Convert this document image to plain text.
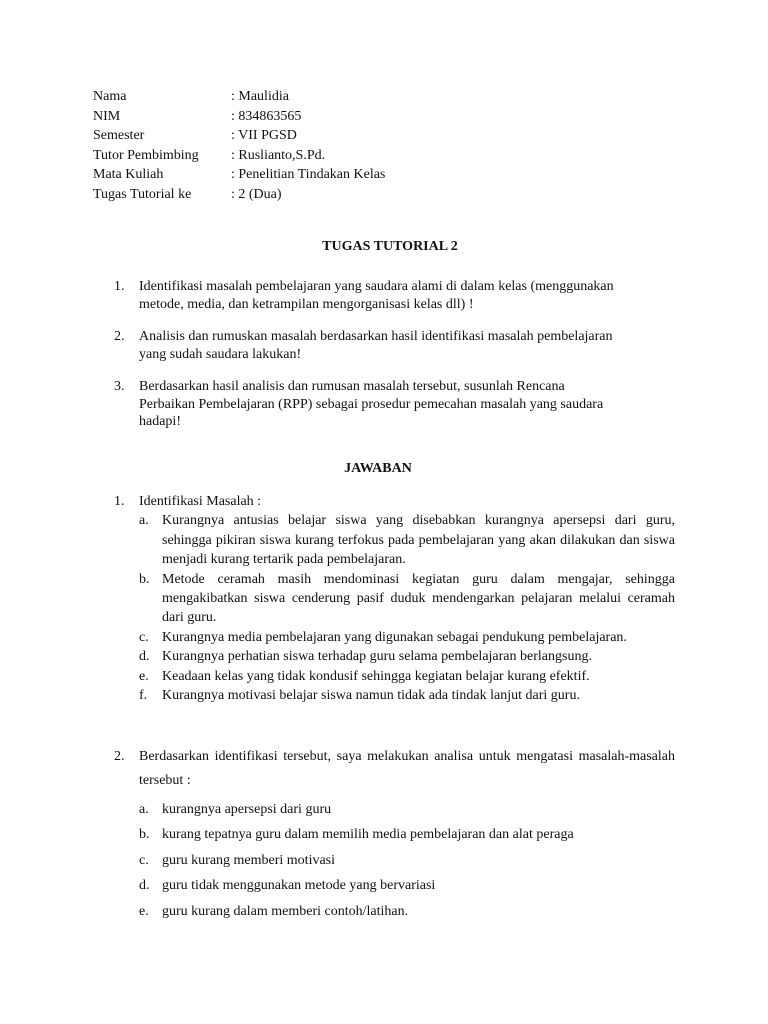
Nama	: Maulidia
NIM	: 834863565
Semester	: VII PGSD
Tutor Pembimbing	: Ruslianto,S.Pd.
Mata Kuliah	: Penelitian Tindakan Kelas
Tugas Tutorial ke	: 2 (Dua)
TUGAS TUTORIAL 2
1.	Identifikasi masalah pembelajaran yang saudara alami di dalam kelas (menggunakan
metode, media, dan ketrampilan mengorganisasi kelas dll) !
2.	Analisis dan rumuskan masalah berdasarkan hasil identifikasi masalah pembelajaran
yang sudah saudara lakukan!
3.	Berdasarkan hasil analisis dan rumusan masalah tersebut, susunlah Rencana
Perbaikan Pembelajaran (RPP) sebagai prosedur pemecahan masalah yang saudara
hadapi!
JAWABAN
1.	Identifikasi Masalah :
a. Kurangnya antusias belajar siswa yang disebabkan kurangnya apersepsi dari guru, sehingga pikiran siswa kurang terfokus pada pembelajaran yang akan dilakukan dan siswa menjadi kurang tertarik pada pembelajaran.
b. Metode ceramah masih mendominasi kegiatan guru dalam mengajar, sehingga mengakibatkan siswa cenderung pasif duduk mendengarkan pelajaran melalui ceramah dari guru.
c. Kurangnya media pembelajaran yang digunakan sebagai pendukung pembelajaran.
d. Kurangnya perhatian siswa terhadap guru selama pembelajaran berlangsung.
e. Keadaan kelas yang tidak kondusif sehingga kegiatan belajar kurang efektif.
f.	Kurangnya motivasi belajar siswa namun tidak ada tindak lanjut dari guru.
2.	Berdasarkan identifikasi tersebut, saya melakukan analisa untuk mengatasi masalah-masalah tersebut :
a. kurangnya apersepsi dari guru
b. kurang tepatnya guru dalam memilih media pembelajaran dan alat peraga
c. guru kurang memberi motivasi
d. guru tidak menggunakan metode yang bervariasi
e. guru kurang dalam memberi contoh/latihan.
